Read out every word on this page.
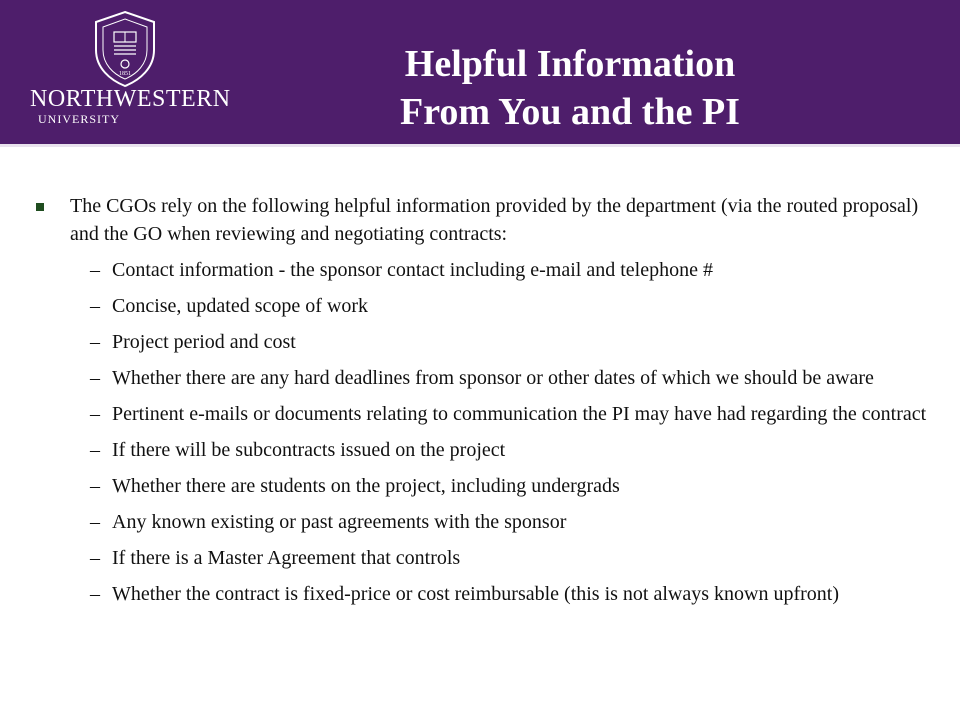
1851
NORTHWESTERN
UNIVERSITY
Helpful Information
From You and the PI
The CGOs rely on the following helpful information provided by the department (via the routed proposal) and the GO when reviewing and negotiating contracts:
– Contact information - the sponsor contact including e-mail and telephone #
– Concise, updated scope of work
– Project period and cost
– Whether there are any hard deadlines from sponsor or other dates of which we should be aware
– Pertinent e-mails or documents relating to communication the PI may have had regarding the contract
– If there will be subcontracts issued on the project
– Whether there are students on the project, including undergrads
– Any known existing or past agreements with the sponsor
– If there is a Master Agreement that controls
– Whether the contract is fixed-price or cost reimbursable (this is not always known upfront)
